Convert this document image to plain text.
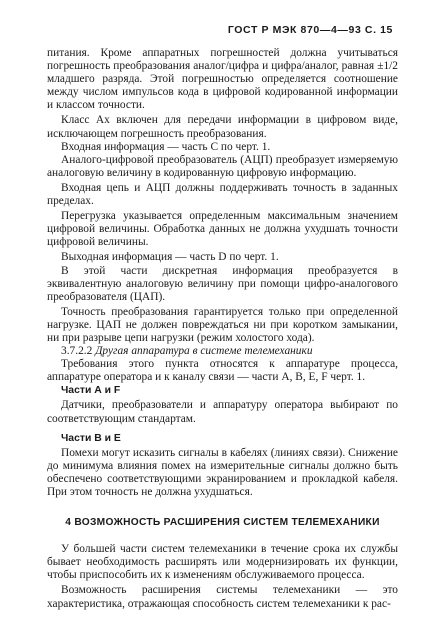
ГОСТ Р МЭК 870—4—93 С. 15

питания. Кроме аппаратных погрешностей должна учитываться погрешность преобразования аналог/цифра и цифра/аналог, равная ±1/2 младшего разряда. Этой погрешностью определяется соотношение между числом импульсов кода в цифровой кодированной информации и классом точности.

Класс Ах включен для передачи информации в цифровом виде, исключающем погрешность преобразования.

Входная информация — часть С по черт. 1.

Аналого-цифровой преобразователь (АЦП) преобразует измеряемую аналоговую величину в кодированную цифровую информацию.

Входная цепь и АЦП должны поддерживать точность в заданных пределах.

Перегрузка указывается определенным максимальным значением цифровой величины. Обработка данных не должна ухудшать точности цифровой величины.

Выходная информация — часть D по черт. 1.

В этой части дискретная информация преобразуется в эквивалентную аналоговую величину при помощи цифро-аналогового преобразователя (ЦАП).

Точность преобразования гарантируется только при определенной нагрузке. ЦАП не должен повреждаться ни при коротком замыкании, ни при разрыве цепи нагрузки (режим холостого хода).

3.7.2.2 Другая аппаратура в системе телемеханики

Требования этого пункта относятся к аппаратуре процесса, аппаратуре оператора и к каналу связи — части А, В, Е, F черт. 1.

Части А и F

Датчики, преобразователи и аппаратуру оператора выбирают по соответствующим стандартам.

Части В и Е

Помехи могут исказить сигналы в кабелях (линиях связи). Снижение до минимума влияния помех на измерительные сигналы должно быть обеспечено соответствующими экранированием и прокладкой кабеля. При этом точность не должна ухудшаться.

4 ВОЗМОЖНОСТЬ РАСШИРЕНИЯ СИСТЕМ ТЕЛЕМЕХАНИКИ

У большей части систем телемеханики в течение срока их службы бывает необходимость расширять или модернизировать их функции, чтобы приспособить их к изменениям обслуживаемого процесса.

Возможность расширения системы телемеханики — это характеристика, отражающая способность систем телемеханики к рас-
